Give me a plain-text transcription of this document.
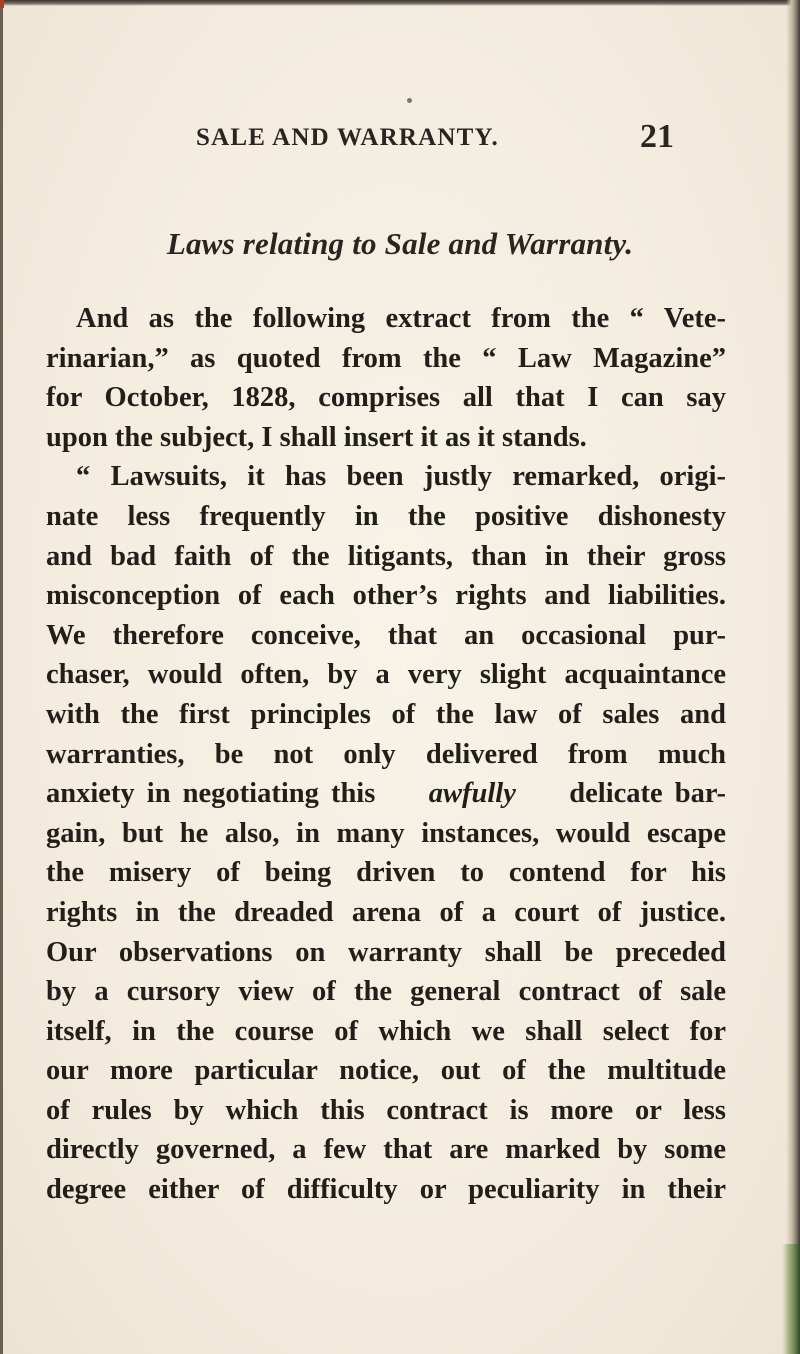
SALE AND WARRANTY.	21
Laws relating to Sale and Warranty.
And as the following extract from the “ Vete-
rinarian,” as quoted from the “ Law Magazine”
for October, 1828, comprises all that I can say
upon the subject, I shall insert it as it stands.
“ Lawsuits, it has been justly remarked, origi-
nate less frequently in the positive dishonesty
and bad faith of the litigants, than in their gross
misconception of each other’s rights and liabilities.
We therefore conceive, that an occasional pur-
chaser, would often, by a very slight acquaintance
with the first principles of the law of sales and
warranties, be not only delivered from much
anxiety in negotiating this awfully delicate bar-
gain, but he also, in many instances, would escape
the misery of being driven to contend for his
rights in the dreaded arena of a court of justice.
Our observations on warranty shall be preceded
by a cursory view of the general contract of sale
itself, in the course of which we shall select for
our more particular notice, out of the multitude
of rules by which this contract is more or less
directly governed, a few that are marked by some
degree either of difficulty or peculiarity in their
